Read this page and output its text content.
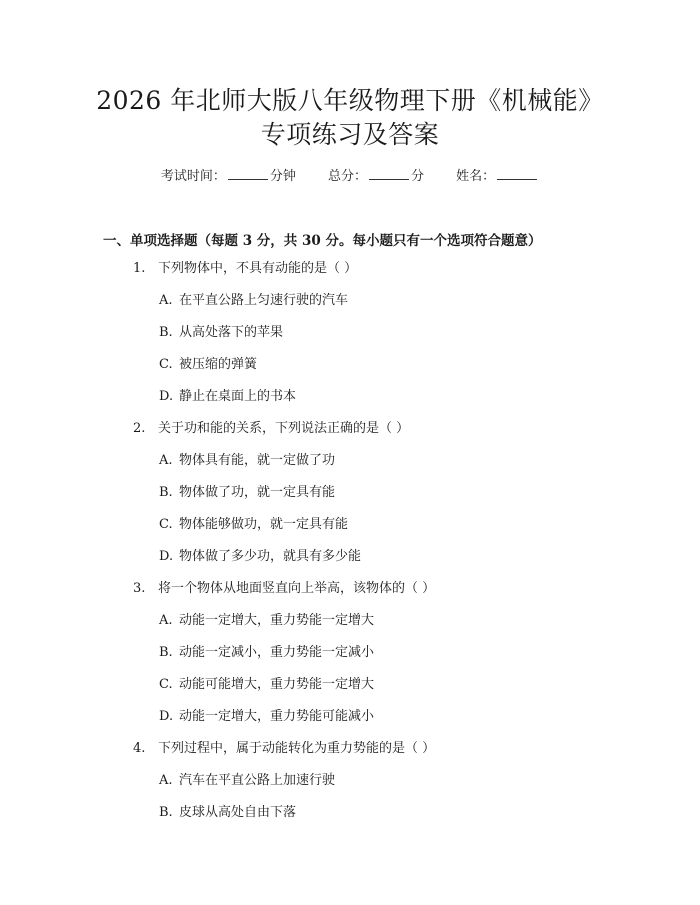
2026 年北师大版八年级物理下册《机械能》
专项练习及答案
考试时间：	分钟 总分：	分 姓名：
一、单项选择题（每题 3 分，共 30 分。每小题只有一个选项符合题意）
1. 下列物体中，不具有动能的是（ ）
A. 在平直公路上匀速行驶的汽车
B. 从高处落下的苹果
C. 被压缩的弹簧
D. 静止在桌面上的书本
2. 关于功和能的关系，下列说法正确的是（ ）
A. 物体具有能，就一定做了功
B. 物体做了功，就一定具有能
C. 物体能够做功，就一定具有能
D. 物体做了多少功，就具有多少能
3. 将一个物体从地面竖直向上举高，该物体的（ ）
A. 动能一定增大，重力势能一定增大
B. 动能一定减小，重力势能一定减小
C. 动能可能增大，重力势能一定增大
D. 动能一定增大，重力势能可能减小
4. 下列过程中，属于动能转化为重力势能的是（ ）
A. 汽车在平直公路上加速行驶
B. 皮球从高处自由下落
